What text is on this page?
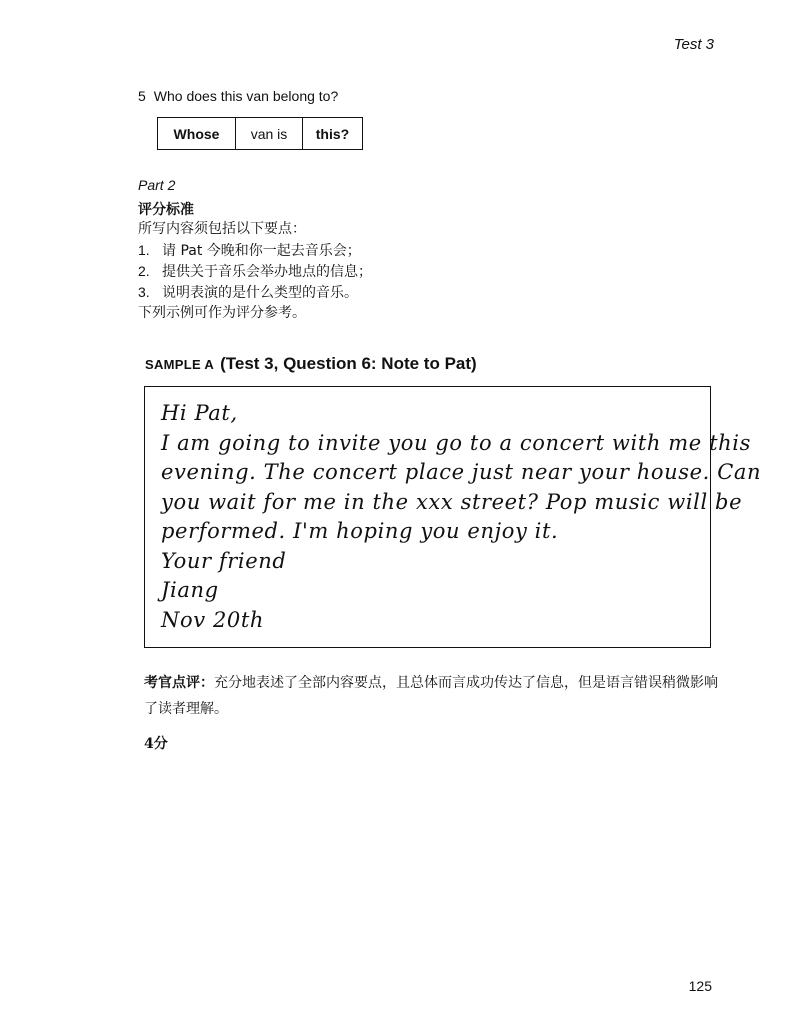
Test 3
5 Who does this van belong to?
Whose	van is	this?
Part 2
评分标准
所写内容须包括以下要点：
1. 请 Pat 今晚和你一起去音乐会；
2. 提供关于音乐会举办地点的信息；
3. 说明表演的是什么类型的音乐。
下列示例可作为评分参考。
SAMPLE A (Test 3, Question 6: Note to Pat)
Hi Pat,
I am going to invite you go to a concert with me this
evening. The concert place just near your house. Can
you wait for me in the xxx street? Pop music will be
performed. I'm hoping you enjoy it.
Your friend
Jiang
Nov 20th
考官点评：充分地表述了全部内容要点，且总体而言成功传达了信息，但是语言错误稍微影响了读者理解。
4分
125
